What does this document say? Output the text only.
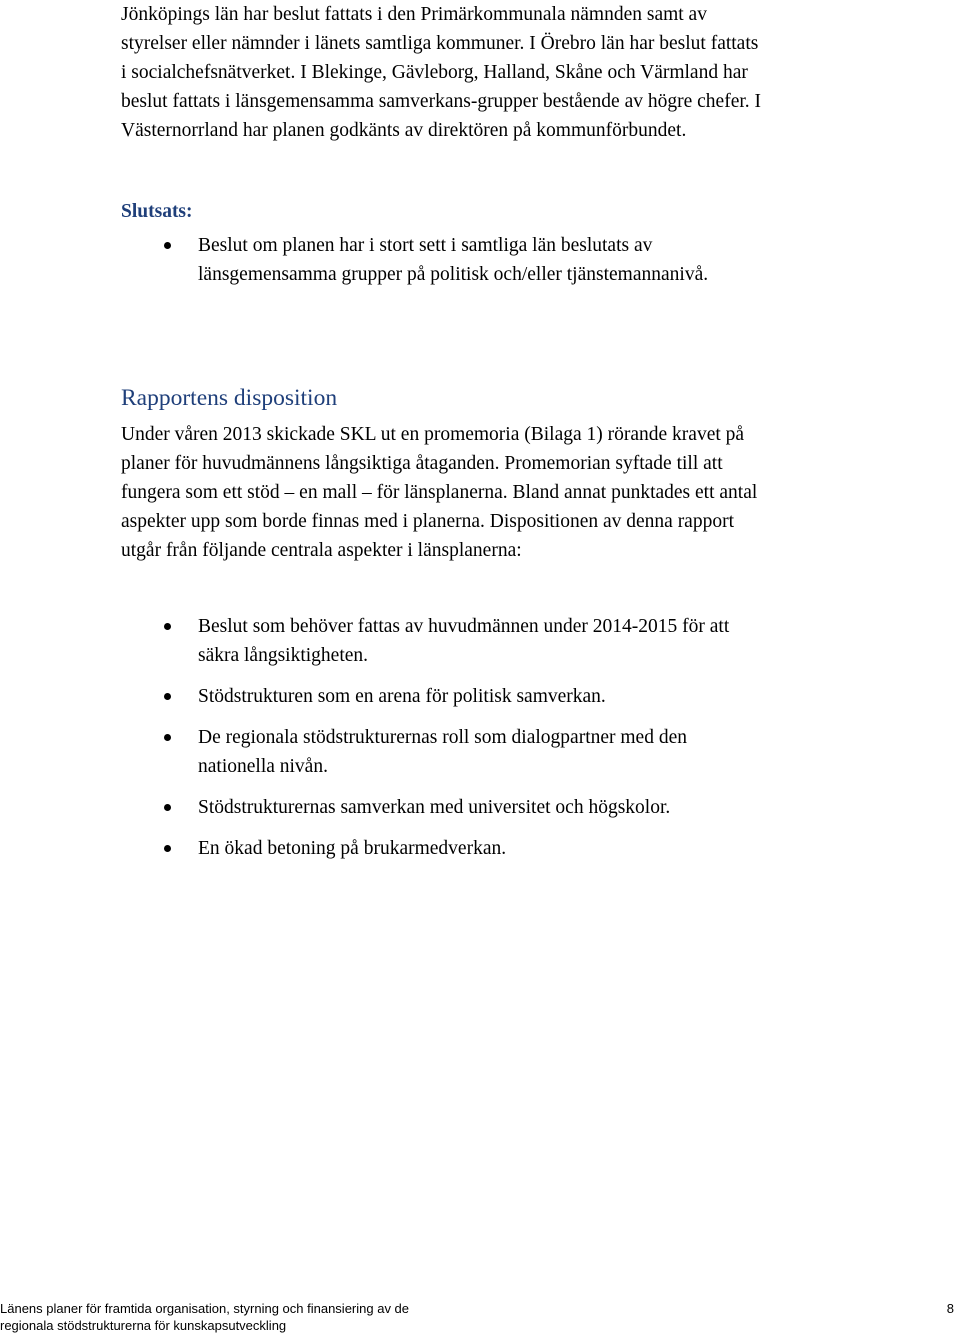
Jönköpings län har beslut fattats i den Primärkommunala nämnden samt av styrelser eller nämnder i länets samtliga kommuner. I Örebro län har beslut fattats i socialchefsnätverket. I Blekinge, Gävleborg, Halland, Skåne och Värmland har beslut fattats i länsgemensamma samverkans-grupper bestående av högre chefer. I Västernorrland har planen godkänts av direktören på kommunförbundet.

Slutsats:
Beslut om planen har i stort sett i samtliga län beslutats av länsgemensamma grupper på politisk och/eller tjänstemannanivå.
Rapportens disposition

Under våren 2013 skickade SKL ut en promemoria (Bilaga 1) rörande kravet på planer för huvudmännens långsiktiga åtaganden. Promemorian syftade till att fungera som ett stöd – en mall – för länsplanerna. Bland annat punktades ett antal aspekter upp som borde finnas med i planerna. Dispositionen av denna rapport utgår från följande centrala aspekter i länsplanerna:

Beslut som behöver fattas av huvudmännen under 2014-2015 för att säkra långsiktigheten.
Stödstrukturen som en arena för politisk samverkan.
De regionala stödstrukturernas roll som dialogpartner med den nationella nivån.
Stödstrukturernas samverkan med universitet och högskolor.
En ökad betoning på brukarmedverkan.
Länens planer för framtida organisation, styrning och finansiering av de regionala stödstrukturerna för kunskapsutveckling
8
